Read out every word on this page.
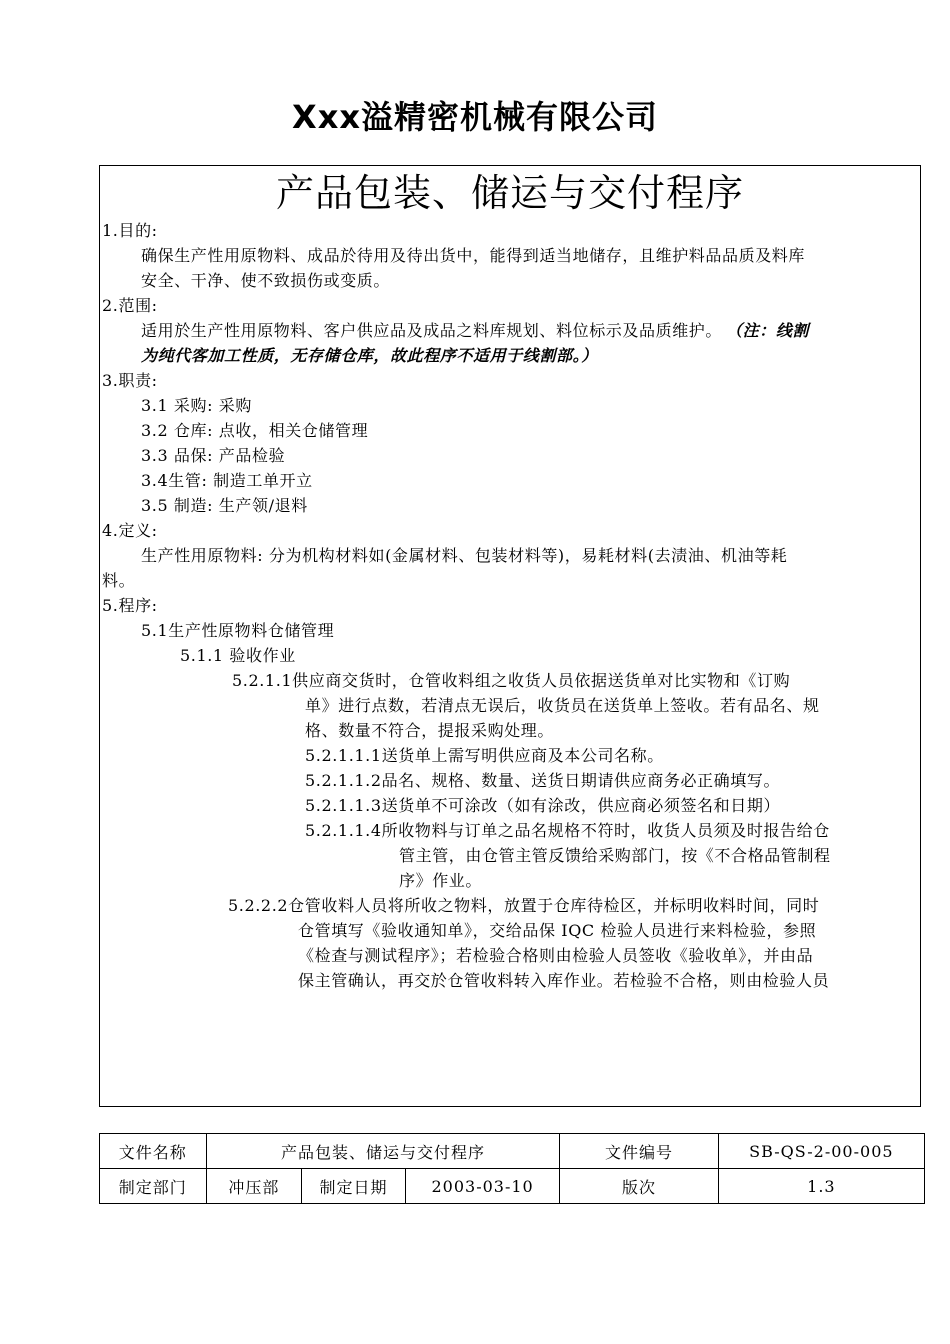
Xxx溢精密机械有限公司
产品包装、储运与交付程序
1.目的:
确保生产性用原物料、成品於待用及待出货中，能得到适当地储存，且维护料品品质及料库
安全、干净、使不致损伤或变质。
2.范围:
适用於生产性用原物料、客户供应品及成品之料库规划、料位标示及品质维护。 （注：线割
为纯代客加工性质，无存储仓库，故此程序不适用于线割部。）
3.职责:
3.1 采购: 采购
3.2 仓库: 点收，相关仓储管理
3.3 品保: 产品检验
3.4生管: 制造工单开立
3.5 制造: 生产领/退料
4.定义:
生产性用原物料: 分为机构材料如(金属材料、包装材料等)，易耗材料(去渍油、机油等耗
料。
5.程序:
5.1生产性原物料仓储管理
5.1.1 验收作业
5.2.1.1供应商交货时，仓管收料组之收货人员依据送货单对比实物和《订购
单》进行点数，若清点无误后，收货员在送货单上签收。若有品名、规
格、数量不符合，提报采购处理。
5.2.1.1.1送货单上需写明供应商及本公司名称。
5.2.1.1.2品名、规格、数量、送货日期请供应商务必正确填写。
5.2.1.1.3送货单不可涂改（如有涂改，供应商必须签名和日期）
5.2.1.1.4所收物料与订单之品名规格不符时，收货人员须及时报告给仓
管主管，由仓管主管反馈给采购部门，按《不合格品管制程
序》作业。
5.2.2.2仓管收料人员将所收之物料，放置于仓库待检区，并标明收料时间，同时
仓管填写《验收通知单》，交给品保 IQC 检验人员进行来料检验，参照
《检查与测试程序》；若检验合格则由检验人员签收《验收单》，并由品
保主管确认，再交於仓管收料转入库作业。若检验不合格，则由检验人员
文件名称	产品包装、储运与交付程序			文件编号	SB-QS-2-00-005
制定部门	冲压部	制定日期	2003-03-10	版次	1.3
